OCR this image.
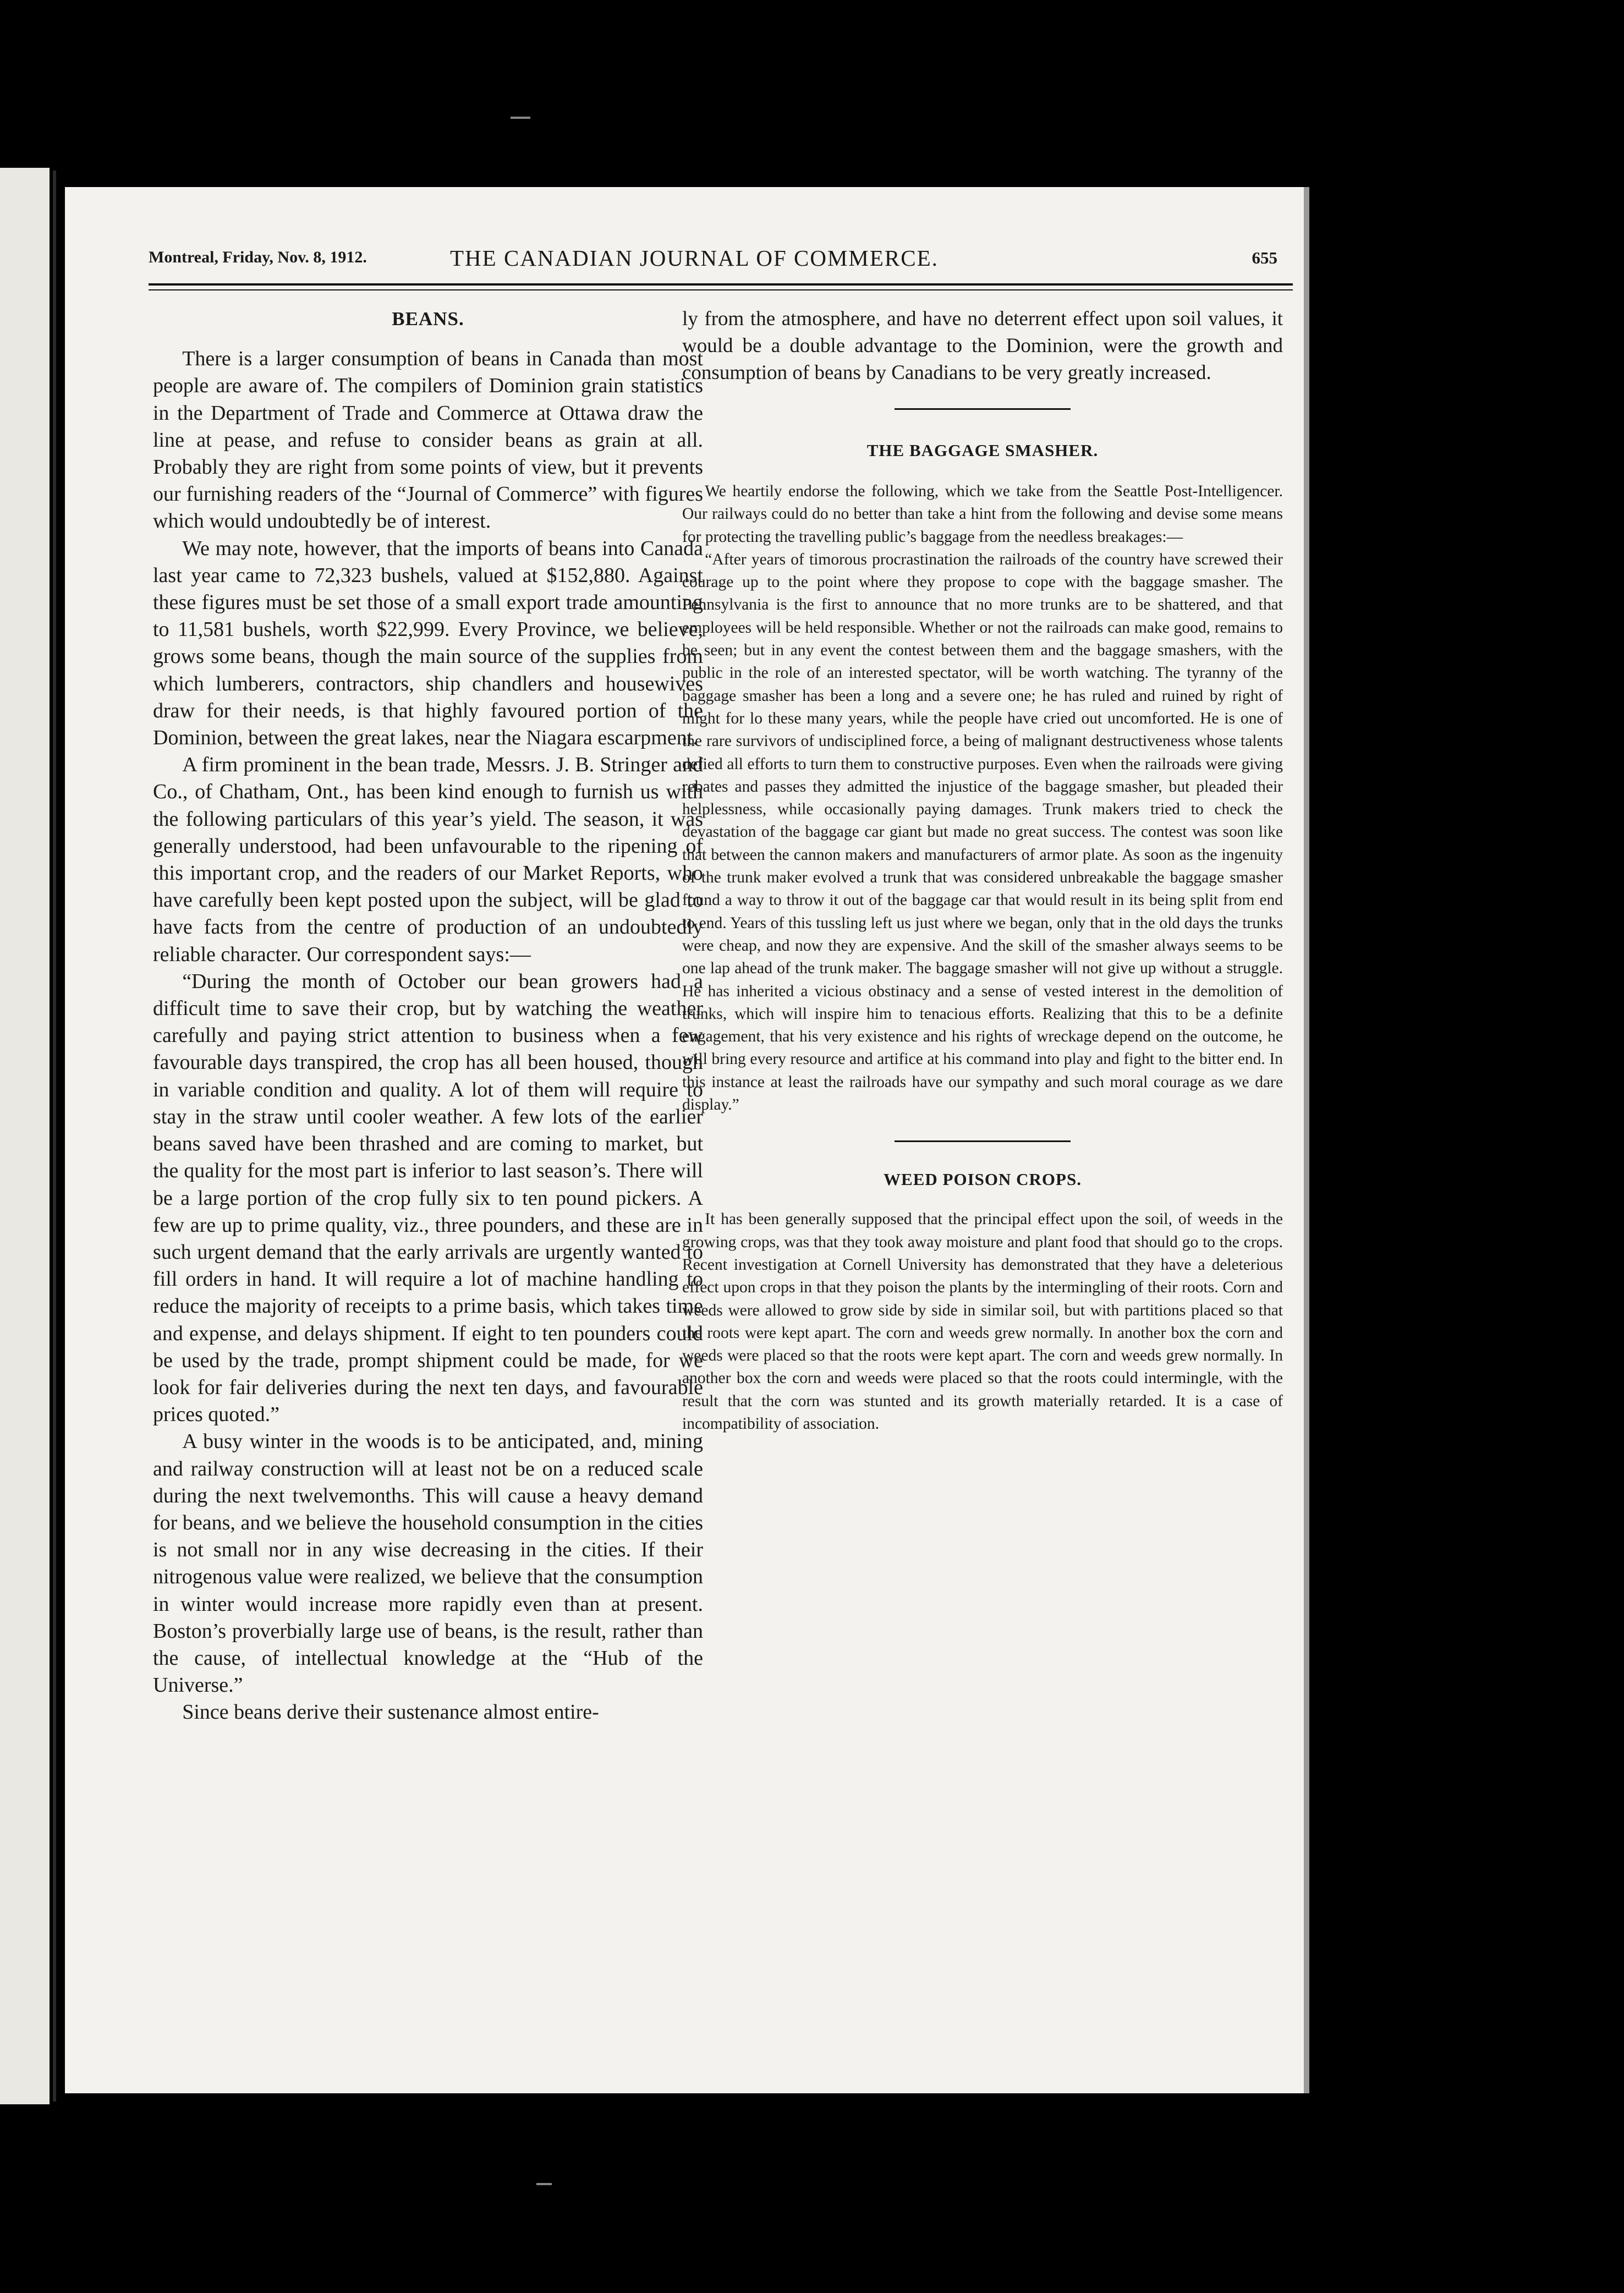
Montreal, Friday, Nov. 8, 1912.	THE CANADIAN JOURNAL OF COMMERCE.	655
BEANS.

There is a larger consumption of beans in Canada than most people are aware of. The compilers of Dominion grain statistics in the Department of Trade and Commerce at Ottawa draw the line at pease, and refuse to consider beans as grain at all. Probably they are right from some points of view, but it prevents our furnishing readers of the “Journal of Commerce” with figures which would undoubtedly be of interest.

We may note, however, that the imports of beans into Canada last year came to 72,323 bushels, valued at $152,880. Against these figures must be set those of a small export trade amounting to 11,581 bushels, worth $22,999. Every Province, we believe, grows some beans, though the main source of the supplies from which lumberers, contractors, ship chandlers and housewives draw for their needs, is that highly favoured portion of the Dominion, between the great lakes, near the Niagara escarpment.

A firm prominent in the bean trade, Messrs. J. B. Stringer and Co., of Chatham, Ont., has been kind enough to furnish us with the following particulars of this year’s yield. The season, it was generally understood, had been unfavourable to the ripening of this important crop, and the readers of our Market Reports, who have carefully been kept posted upon the subject, will be glad to have facts from the centre of production of an undoubtedly reliable character. Our correspondent says:—

“During the month of October our bean growers had a difficult time to save their crop, but by watching the weather carefully and paying strict attention to business when a few favourable days transpired, the crop has all been housed, though in variable condition and quality. A lot of them will require to stay in the straw until cooler weather. A few lots of the earlier beans saved have been thrashed and are coming to market, but the quality for the most part is inferior to last season’s. There will be a large portion of the crop fully six to ten pound pickers. A few are up to prime quality, viz., three pounders, and these are in such urgent demand that the early arrivals are urgently wanted to fill orders in hand. It will require a lot of machine handling to reduce the majority of receipts to a prime basis, which takes time and expense, and delays shipment. If eight to ten pounders could be used by the trade, prompt shipment could be made, for we look for fair deliveries during the next ten days, and favourable prices quoted.”

A busy winter in the woods is to be anticipated, and, mining and railway construction will at least not be on a reduced scale during the next twelvemonths. This will cause a heavy demand for beans, and we believe the household consumption in the cities is not small nor in any wise decreasing in the cities. If their nitrogenous value were realized, we believe that the consumption in winter would increase more rapidly even than at present. Boston’s proverbially large use of beans, is the result, rather than the cause, of intellectual knowledge at the “Hub of the Universe.”

Since beans derive their sustenance almost entire-

ly from the atmosphere, and have no deterrent effect upon soil values, it would be a double advantage to the Dominion, were the growth and consumption of beans by Canadians to be very greatly increased.

THE BAGGAGE SMASHER.

We heartily endorse the following, which we take from the Seattle Post-Intelligencer. Our railways could do no better than take a hint from the following and devise some means for protecting the travelling public’s baggage from the needless breakages:—

“After years of timorous procrastination the railroads of the country have screwed their courage up to the point where they propose to cope with the baggage smasher. The Pennsylvania is the first to announce that no more trunks are to be shattered, and that employees will be held responsible. Whether or not the railroads can make good, remains to be seen; but in any event the contest between them and the baggage smashers, with the public in the role of an interested spectator, will be worth watching. The tyranny of the baggage smasher has been a long and a severe one; he has ruled and ruined by right of might for lo these many years, while the people have cried out uncomforted. He is one of the rare survivors of undisciplined force, a being of malignant destructiveness whose talents defied all efforts to turn them to constructive purposes. Even when the railroads were giving rebates and passes they admitted the injustice of the baggage smasher, but pleaded their helplessness, while occasionally paying damages. Trunk makers tried to check the devastation of the baggage car giant but made no great success. The contest was soon like that between the cannon makers and manufacturers of armor plate. As soon as the ingenuity of the trunk maker evolved a trunk that was considered unbreakable the baggage smasher found a way to throw it out of the baggage car that would result in its being split from end to end. Years of this tussling left us just where we began, only that in the old days the trunks were cheap, and now they are expensive. And the skill of the smasher always seems to be one lap ahead of the trunk maker. The baggage smasher will not give up without a struggle. He has inherited a vicious obstinacy and a sense of vested interest in the demolition of trunks, which will inspire him to tenacious efforts. Realizing that this to be a definite engagement, that his very existence and his rights of wreckage depend on the outcome, he will bring every resource and artifice at his command into play and fight to the bitter end. In this instance at least the railroads have our sympathy and such moral courage as we dare display.”

WEED POISON CROPS.

It has been generally supposed that the principal effect upon the soil, of weeds in the growing crops, was that they took away moisture and plant food that should go to the crops. Recent investigation at Cornell University has demonstrated that they have a deleterious effect upon crops in that they poison the plants by the intermingling of their roots. Corn and weeds were allowed to grow side by side in similar soil, but with partitions placed so that the roots were kept apart. The corn and weeds grew normally. In another box the corn and weeds were placed so that the roots were kept apart. The corn and weeds grew normally. In another box the corn and weeds were placed so that the roots could intermingle, with the result that the corn was stunted and its growth materially retarded. It is a case of incompatibility of association.
